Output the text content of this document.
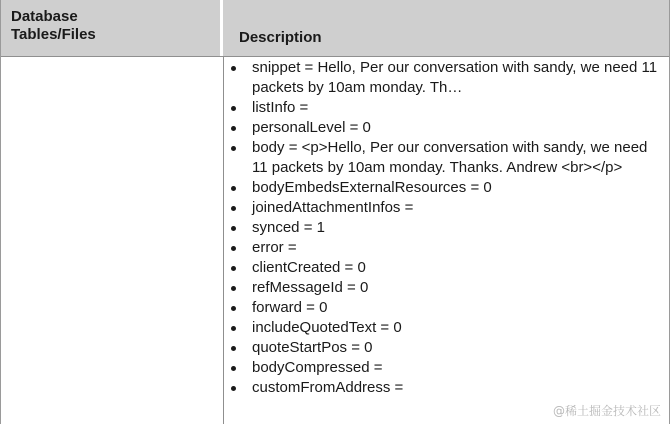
Database
Tables/Files	Description
snippet = Hello, Per our conversation with sandy, we need 11 packets by 10am monday. Th…
listInfo =
personalLevel = 0
body = <p>Hello, Per our conversation with sandy, we need 11 packets by 10am monday. Thanks. Andrew <br></p>
bodyEmbedsExternalResources = 0
joinedAttachmentInfos =
synced = 1
error =
clientCreated = 0
refMessageId = 0
forward = 0
includeQuotedText = 0
quoteStartPos = 0
bodyCompressed =
customFromAddress =
@稀土掘金技术社区
